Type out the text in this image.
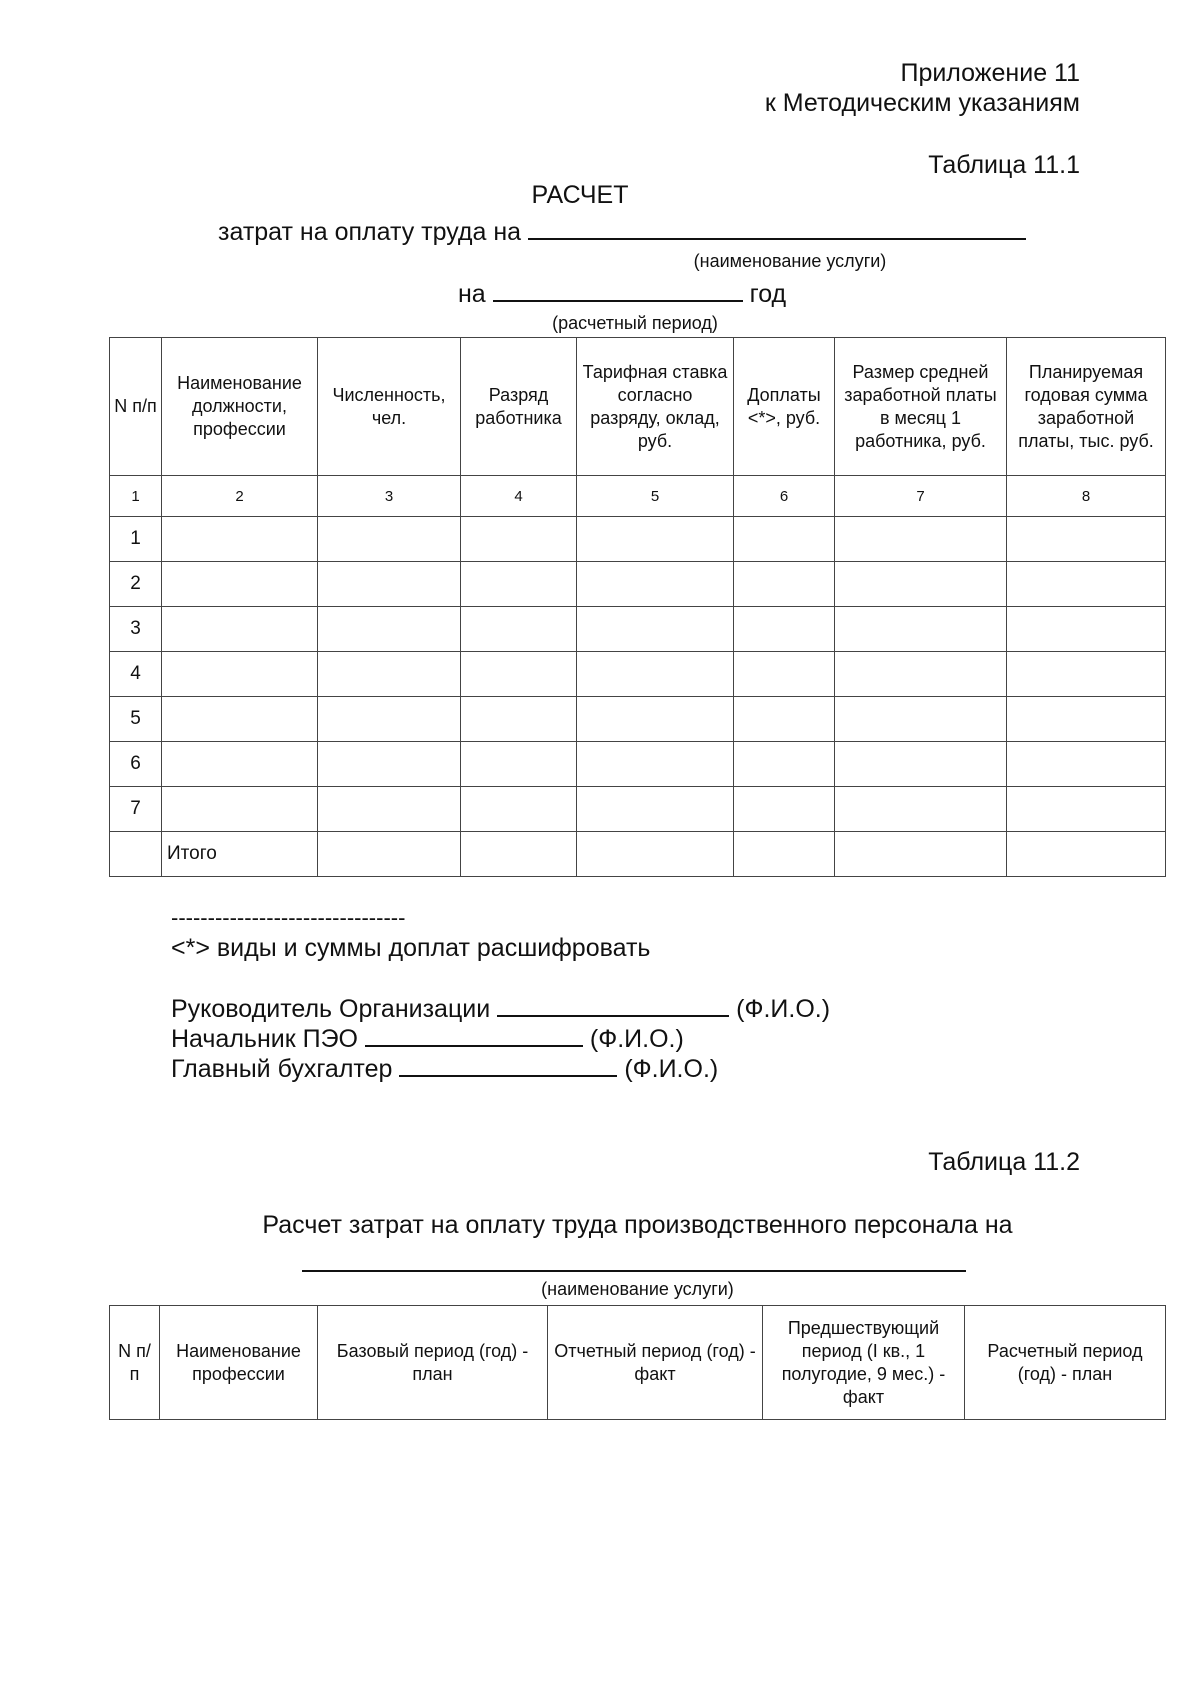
Приложение 11
к Методическим указаниям
Таблица 11.1
РАСЧЕТ
затрат на оплату труда на
(наименование услуги)
на	год
(расчетный период)
N п/п	Наименование должности, профессии	Численность, чел.	Разряд работника	Тарифная ставка согласно разряду, оклад, руб.	Доплаты <*>, руб.	Размер средней заработной платы в месяц 1 работника, руб.	Планируемая годовая сумма заработной платы, тыс. руб.
1	2	3	4	5	6	7	8
1							
2							
3							
4							
5							
6							
7							
	Итого						
--------------------------------
<*> виды и суммы доплат расшифровать
Руководитель Организации	(Ф.И.О.)
Начальник ПЭО	(Ф.И.О.)
Главный бухгалтер	(Ф.И.О.)
Таблица 11.2
Расчет затрат на оплату труда производственного персонала на
(наименование услуги)
N п/п	Наименование профессии	Базовый период (год) - план	Отчетный период (год) - факт	Предшествующий период (I кв., 1 полугодие, 9 мес.) - факт	Расчетный период (год) - план
